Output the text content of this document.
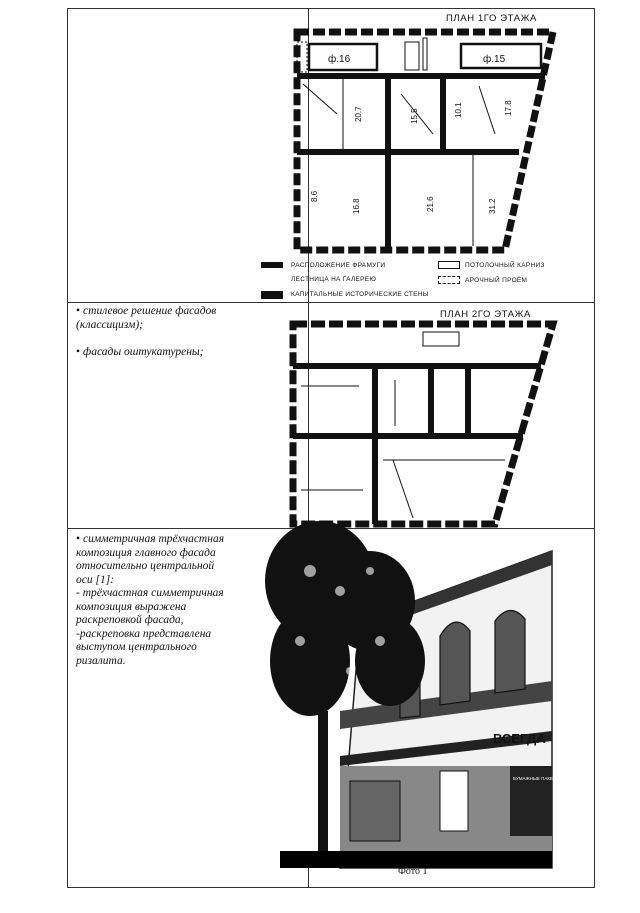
ПЛАН 1ГО ЭТАЖА
ф.16	ф.15
20.7	15.5	10.1	17.8
8.6
16.8	21.6	31.2
РАСПОЛОЖЕНИЕ ФРАМУГИ
ЛЕСТНИЦА НА ГАЛЕРЕЮ
ПОТОЛОЧНЫЙ КАРНИЗ
АРОЧНЫЙ ПРОЁМ
КАПИТАЛЬНЫЕ ИСТОРИЧЕСКИЕ СТЕНЫ
ПЛАН 2ГО ЭТАЖА
• стилевое решение фасадов (классицизм);
• фасады оштукатурены;
• симметричная трёхчастная композиция главного фасада относительно центральной оси [1]:
- трёхчастная симметричная композиция выражена раскреповкой фасада,
-раскреповка представлена выступом центрального ризалита.
ВСЕГДА
БУМАЖНЫЕ ПАКЕТЫ
Фото 1
